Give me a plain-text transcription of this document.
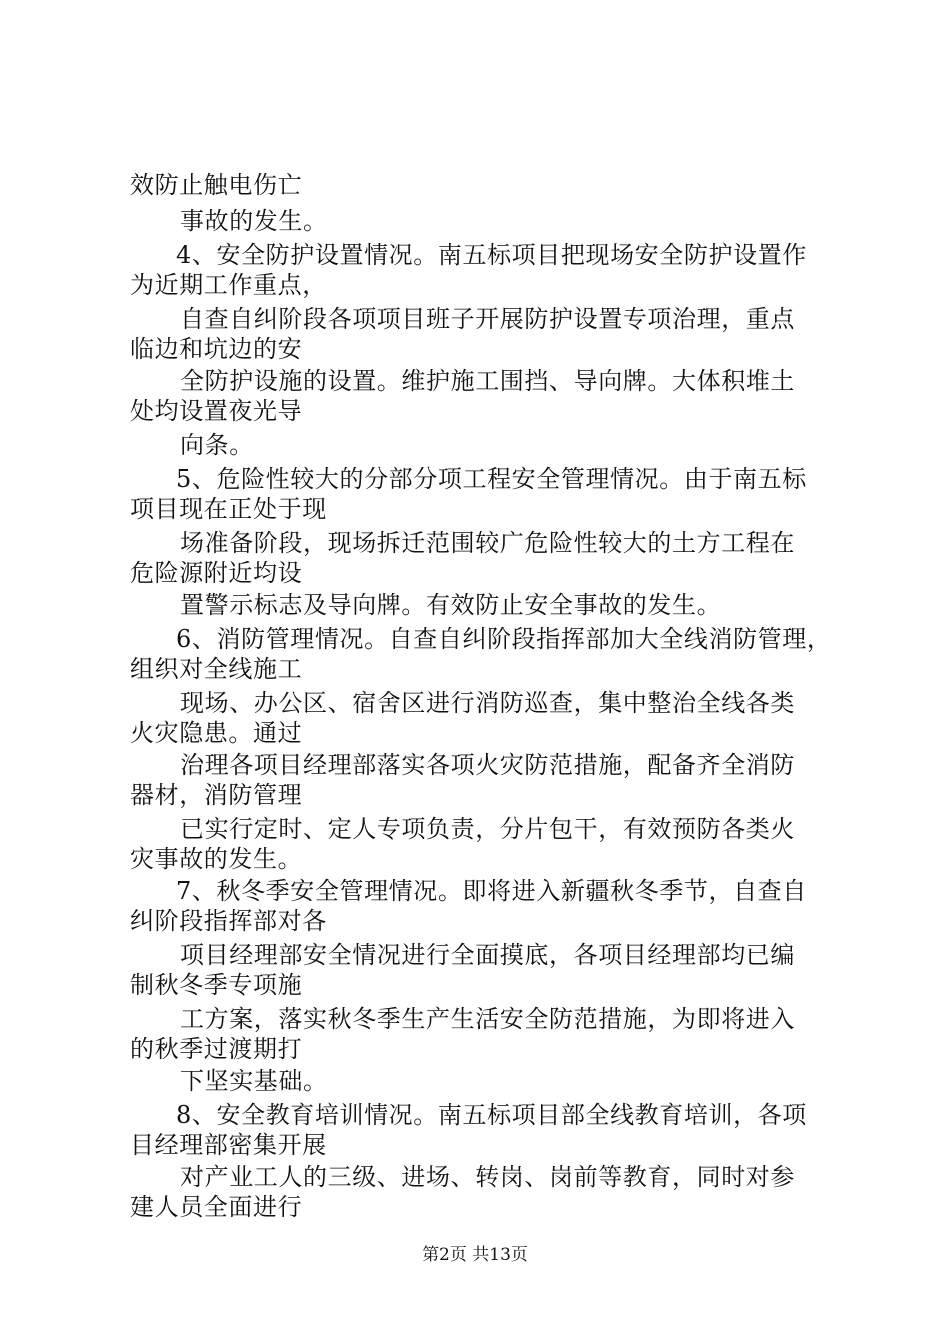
效防止触电伤亡
事故的发生。
4、安全防护设置情况。南五标项目把现场安全防护设置作
为近期工作重点，
自查自纠阶段各项项目班子开展防护设置专项治理，重点
临边和坑边的安
全防护设施的设置。维护施工围挡、导向牌。大体积堆土
处均设置夜光导
向条。
5、危险性较大的分部分项工程安全管理情况。由于南五标
项目现在正处于现
场准备阶段，现场拆迁范围较广危险性较大的土方工程在
危险源附近均设
置警示标志及导向牌。有效防止安全事故的发生。
6、消防管理情况。自查自纠阶段指挥部加大全线消防管理，
组织对全线施工
现场、办公区、宿舍区进行消防巡查，集中整治全线各类
火灾隐患。通过
治理各项目经理部落实各项火灾防范措施，配备齐全消防
器材，消防管理
已实行定时、定人专项负责，分片包干，有效预防各类火
灾事故的发生。
7、秋冬季安全管理情况。即将进入新疆秋冬季节，自查自
纠阶段指挥部对各
项目经理部安全情况进行全面摸底，各项目经理部均已编
制秋冬季专项施
工方案，落实秋冬季生产生活安全防范措施，为即将进入
的秋季过渡期打
下坚实基础。
8、安全教育培训情况。南五标项目部全线教育培训，各项
目经理部密集开展
对产业工人的三级、进场、转岗、岗前等教育，同时对参
建人员全面进行
第2页 共13页
